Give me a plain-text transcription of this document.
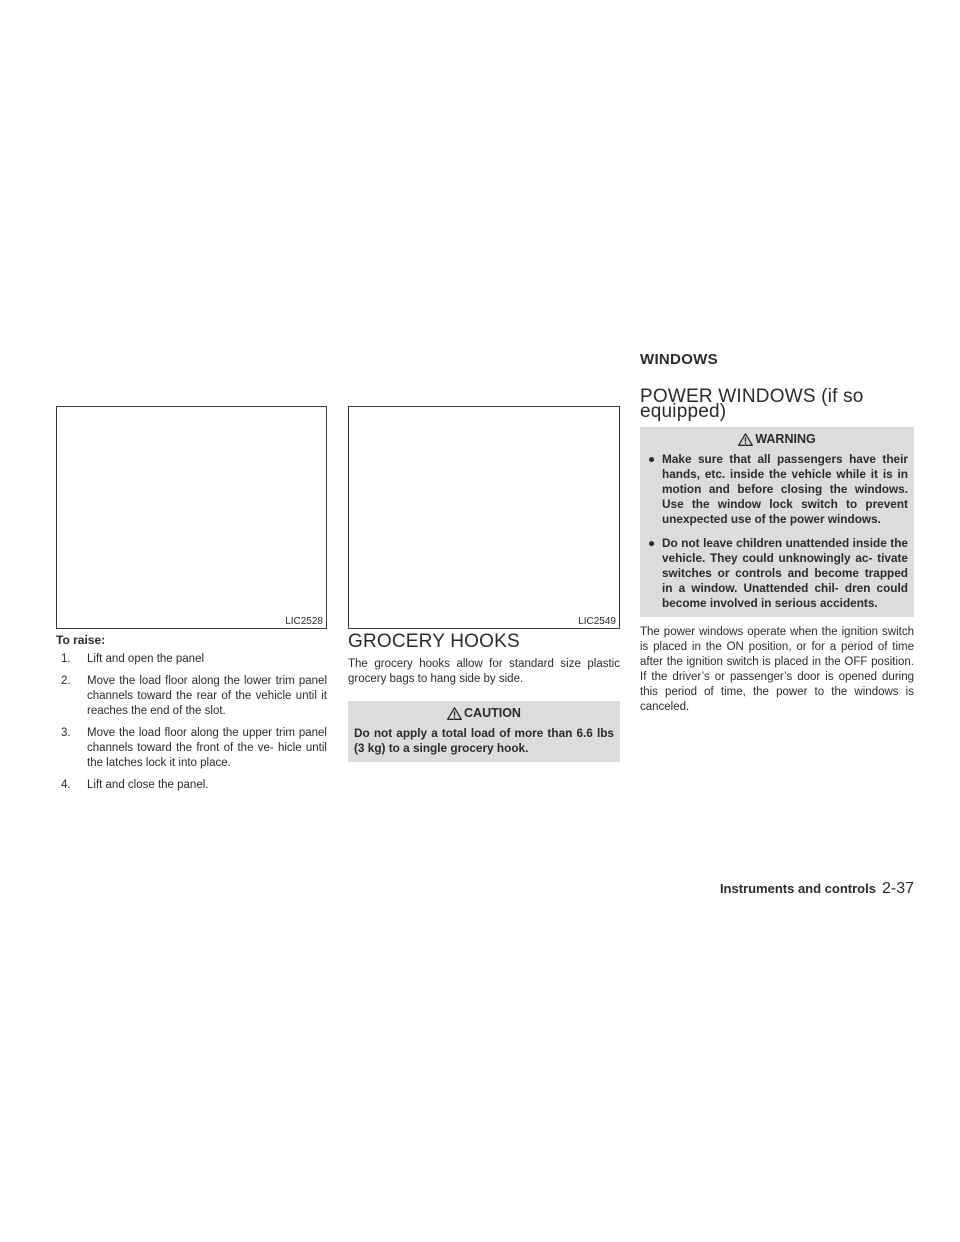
LIC2528	LIC2549
To raise:
1. Lift and open the panel
2. Move the load floor along the lower trim panel channels toward the rear of the vehicle until it reaches the end of the slot.
3. Move the load floor along the upper trim panel channels toward the front of the ve- hicle until the latches lock it into place.
4. Lift and close the panel.
GROCERY HOOKS

The grocery hooks allow for standard size plastic grocery bags to hang side by side.

CAUTION
Do not apply a total load of more than 6.6 lbs (3 kg) to a single grocery hook.
WINDOWS
POWER WINDOWS (if so equipped)
WARNING
● Make sure that all passengers have their hands, etc. inside the vehicle while it is in motion and before closing the windows. Use the window lock switch to prevent unexpected use of the power windows.
● Do not leave children unattended inside the vehicle. They could unknowingly ac- tivate switches or controls and become trapped in a window. Unattended chil- dren could become involved in serious accidents.

The power windows operate when the ignition switch is placed in the ON position, or for a period of time after the ignition switch is placed in the OFF position. If the driver’s or passenger’s door is opened during this period of time, the power to the windows is canceled.

Instruments and controls 2-37
